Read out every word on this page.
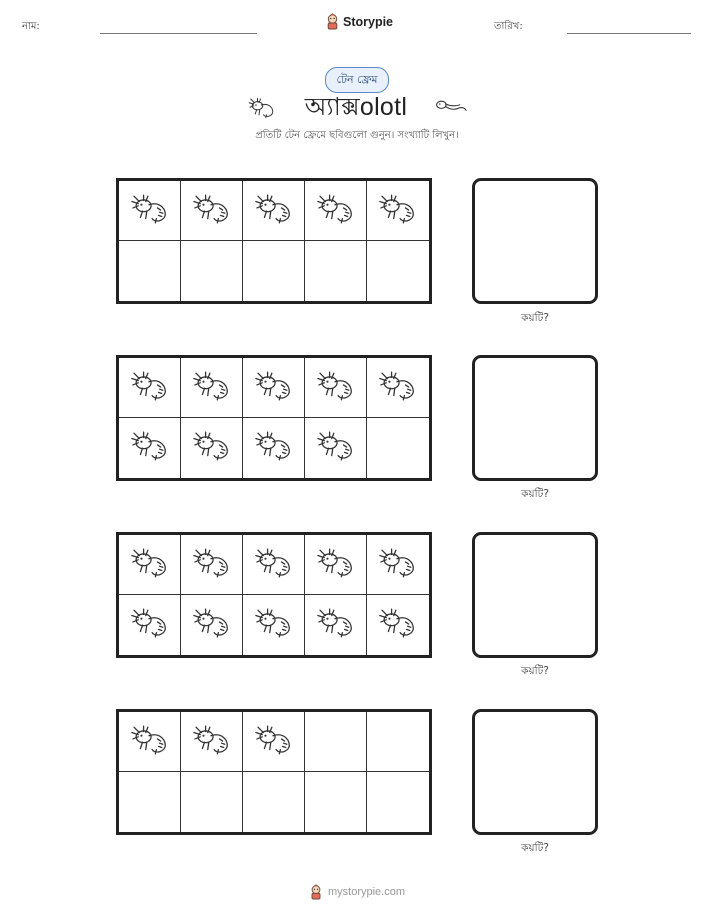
নাম:	Storypie	তারিখ:
টেন ফ্রেম
অ্যাক্সolotl
প্রতিটি টেন ফ্রেমে ছবিগুলো গুনুন। সংখ্যাটি লিখুন।
কয়টি?
কয়টি?
কয়টি?
কয়টি?
mystorypie.com
